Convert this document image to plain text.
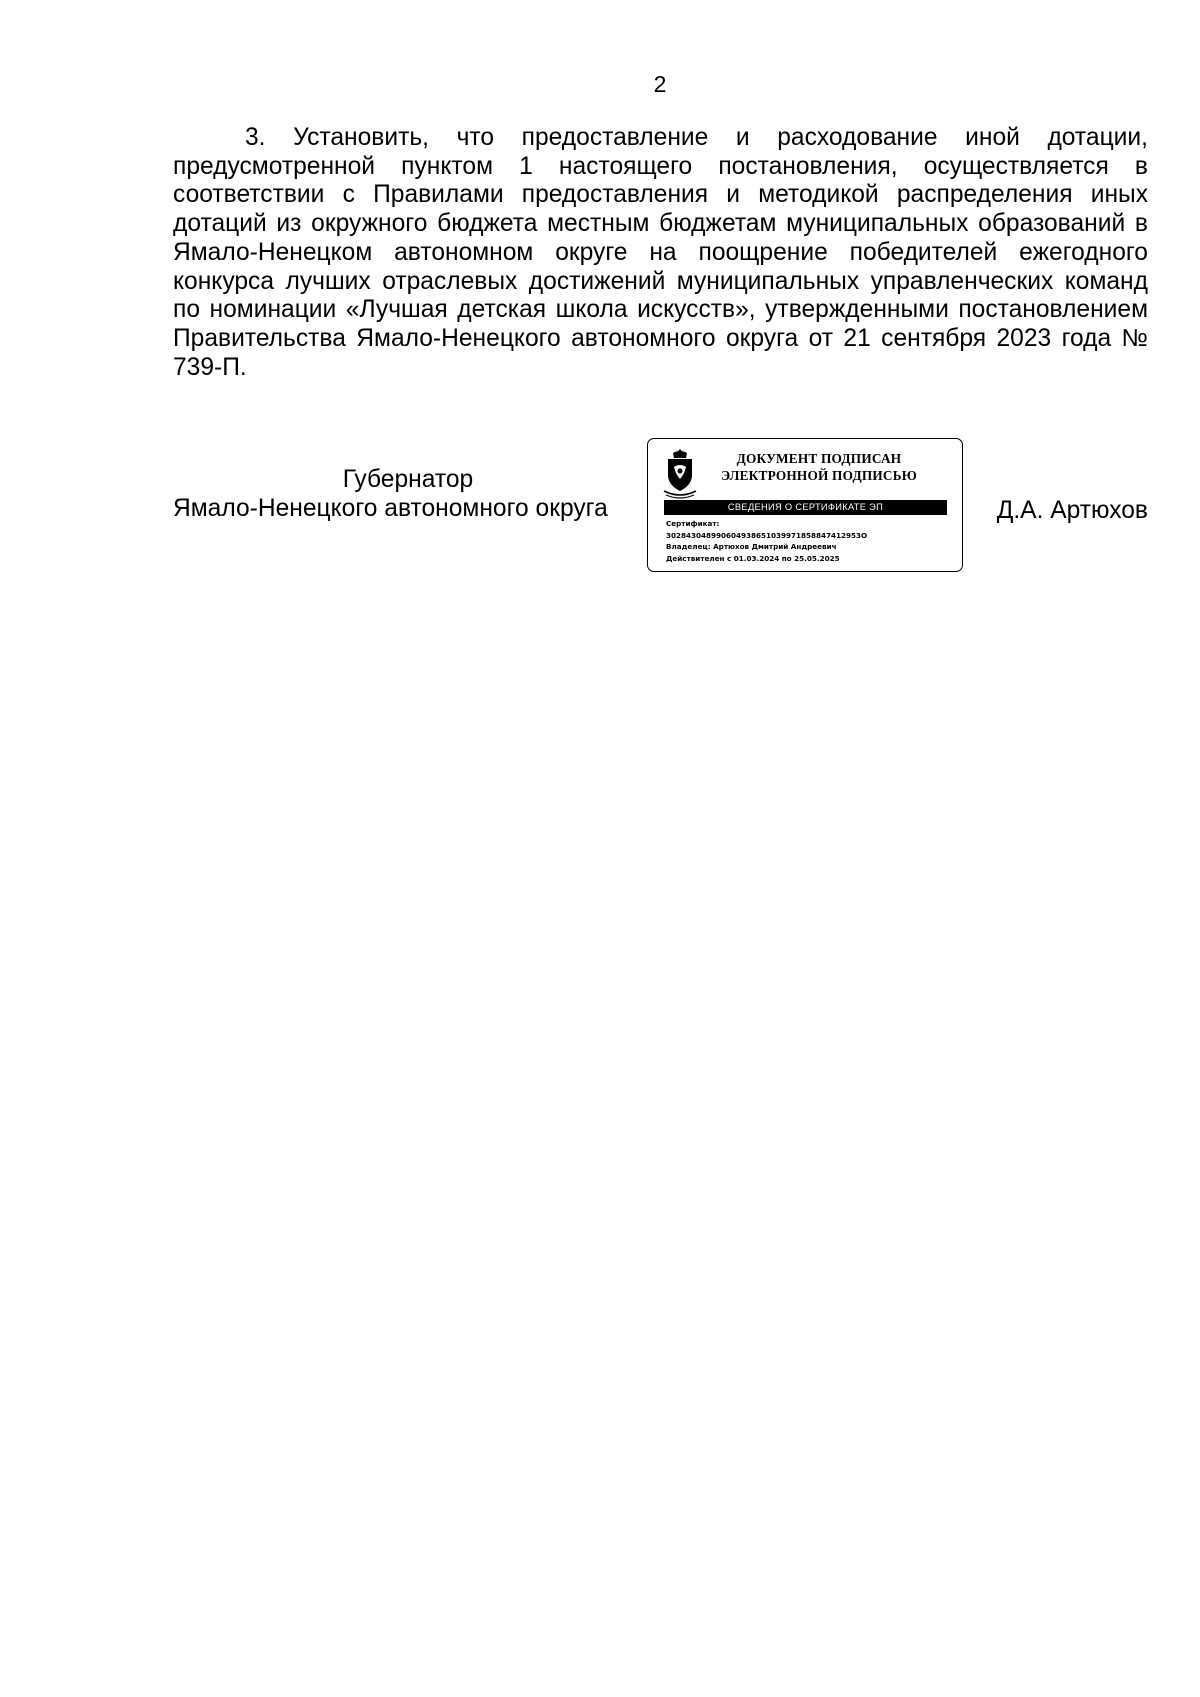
2

3. Установить, что предоставление и расходование иной дотации, предусмотренной пунктом 1 настоящего постановления, осуществляется в соответствии с Правилами предоставления и методикой распределения иных дотаций из окружного бюджета местным бюджетам муниципальных образований в Ямало-Ненецком автономном округе на поощрение победителей ежегодного конкурса лучших отраслевых достижений муниципальных управленческих команд по номинации «Лучшая детская школа искусств», утвержденными постановлением Правительства Ямало-Ненецкого автономного округа от 21 сентября 2023 года № 739-П.

Губернатор
Ямало-Ненецкого автономного округа
ДОКУМЕНТ ПОДПИСАН
ЭЛЕКТРОННОЙ ПОДПИСЬЮ
СВЕДЕНИЯ О СЕРТИФИКАТЕ ЭП
Сертификат:
302843048990604938651039971858847412953O
Владелец: Артюхов Дмитрий Андреевич
Действителен с 01.03.2024 по 25.05.2025
Д.А. Артюхов
